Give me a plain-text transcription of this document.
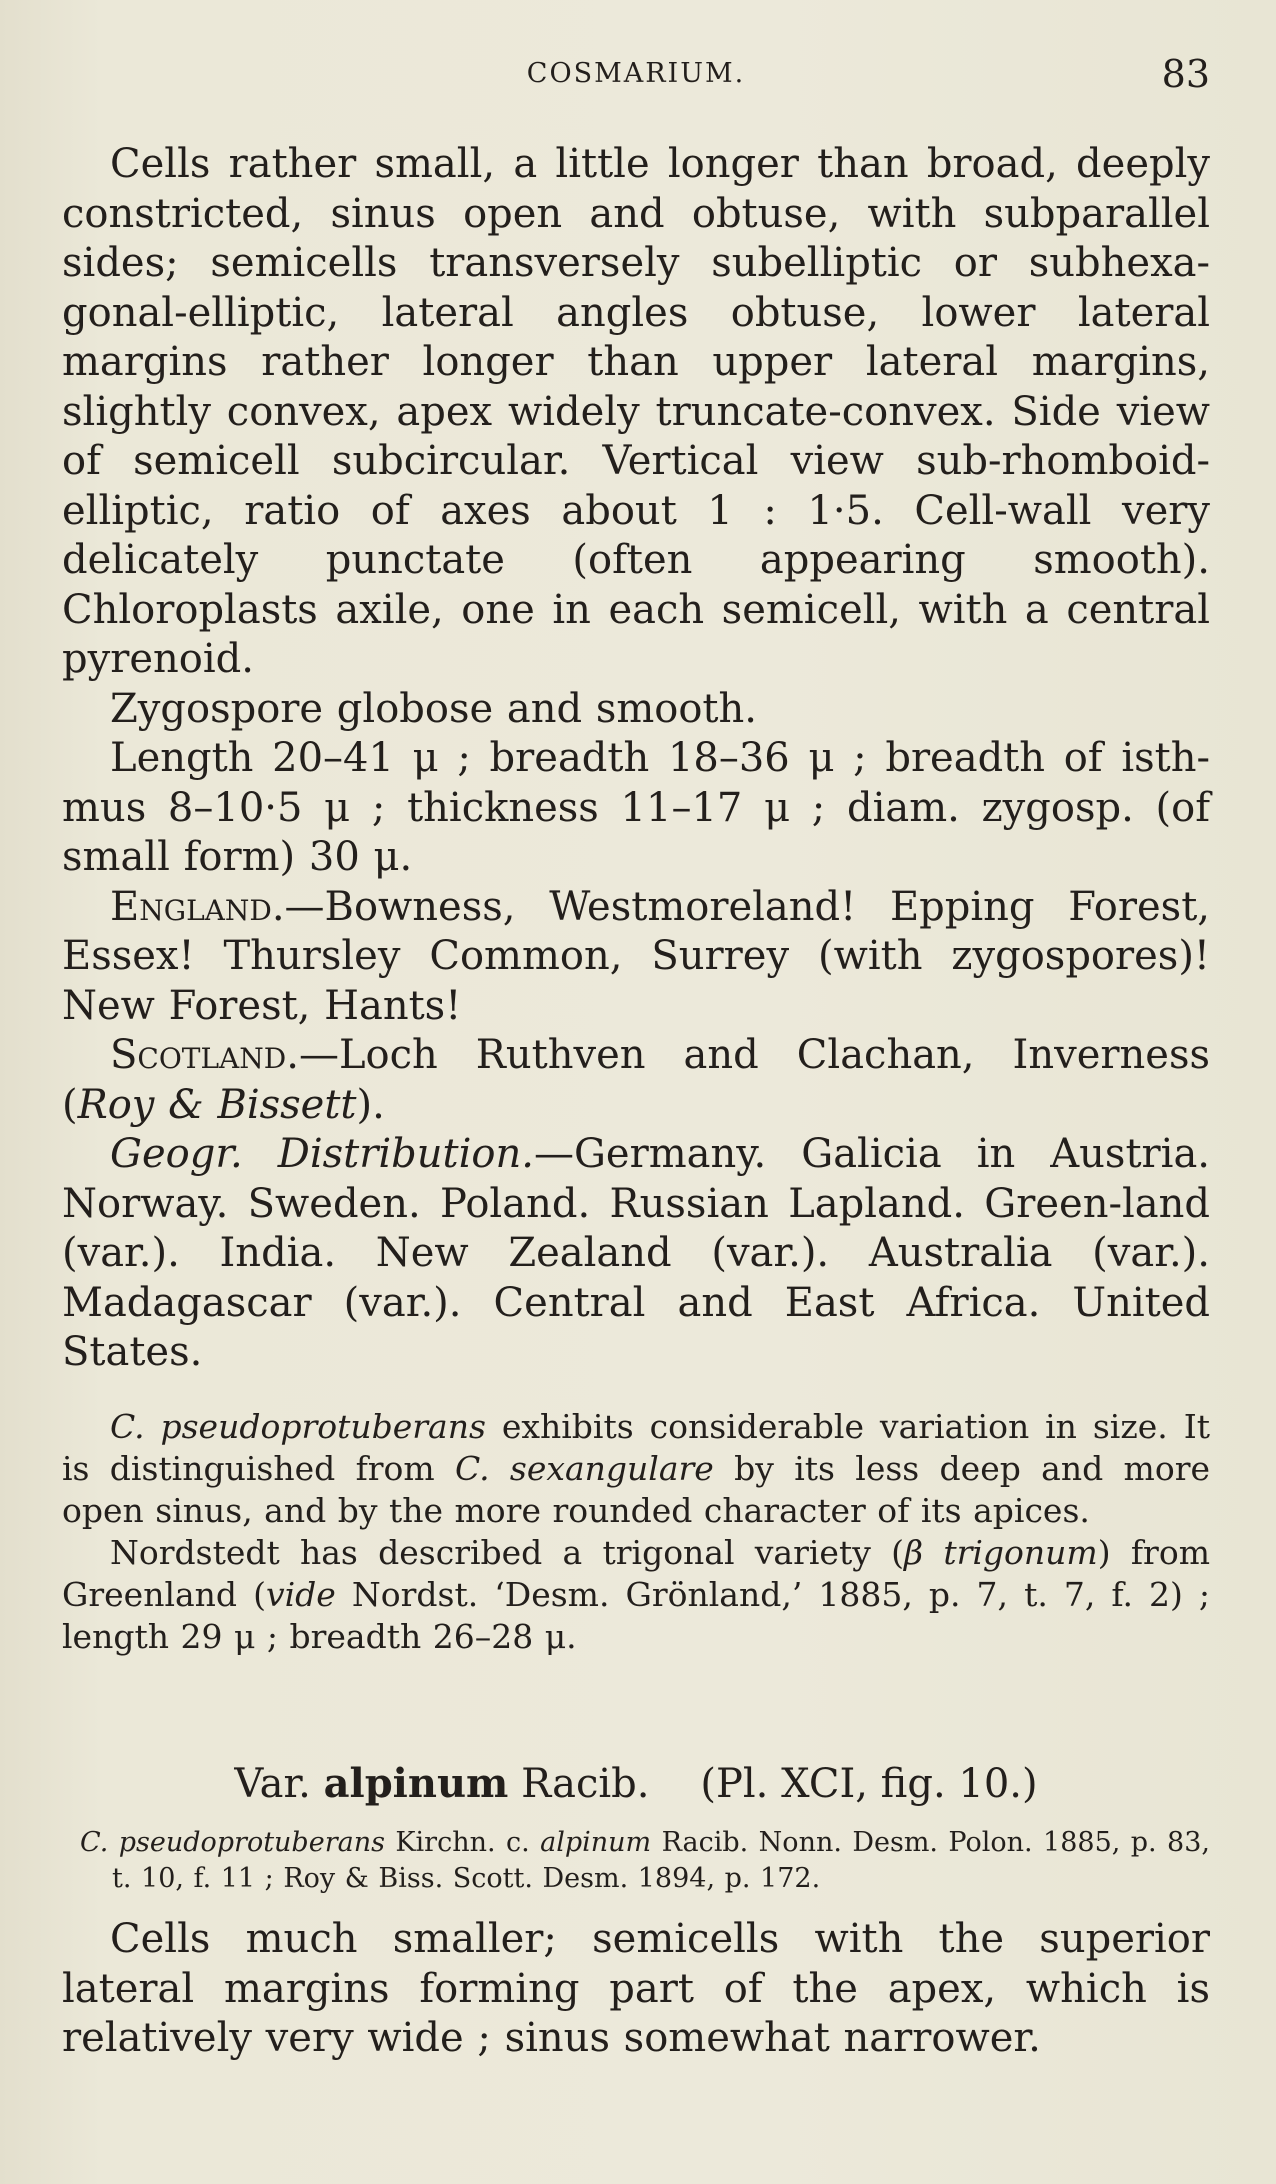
COSMARIUM.	83

Cells rather small, a little longer than broad, deeply constricted, sinus open and obtuse, with subparallel sides; semicells transversely subelliptic or subhexa-gonal-elliptic, lateral angles obtuse, lower lateral margins rather longer than upper lateral margins, slightly convex, apex widely truncate-convex. Side view of semicell subcircular. Vertical view sub-rhomboid-elliptic, ratio of axes about 1 : 1·5. Cell-wall very delicately punctate (often appearing smooth). Chloroplasts axile, one in each semicell, with a central pyrenoid.

Zygospore globose and smooth.

Length 20–41 μ ; breadth 18–36 μ ; breadth of isth-mus 8–10·5 μ ; thickness 11–17 μ ; diam. zygosp. (of small form) 30 μ.

England.—Bowness, Westmoreland! Epping Forest, Essex! Thursley Common, Surrey (with zygospores)! New Forest, Hants!

Scotland.—Loch Ruthven and Clachan, Inverness (Roy & Bissett).

Geogr. Distribution.—Germany. Galicia in Austria. Norway. Sweden. Poland. Russian Lapland. Green-land (var.). India. New Zealand (var.). Australia (var.). Madagascar (var.). Central and East Africa. United States.

C. pseudoprotuberans exhibits considerable variation in size. It is distinguished from C. sexangulare by its less deep and more open sinus, and by the more rounded character of its apices.

Nordstedt has described a trigonal variety (β trigonum) from Greenland (vide Nordst. ‘Desm. Grönland,’ 1885, p. 7, t. 7, f. 2) ; length 29 μ ; breadth 26–28 μ.

Var. alpinum Racib.    (Pl. XCI, fig. 10.)

C. pseudoprotuberans Kirchn. c. alpinum Racib. Nonn. Desm. Polon. 1885, p. 83, t. 10, f. 11 ; Roy & Biss. Scott. Desm. 1894, p. 172.

Cells much smaller; semicells with the superior lateral margins forming part of the apex, which is relatively very wide ; sinus somewhat narrower.
